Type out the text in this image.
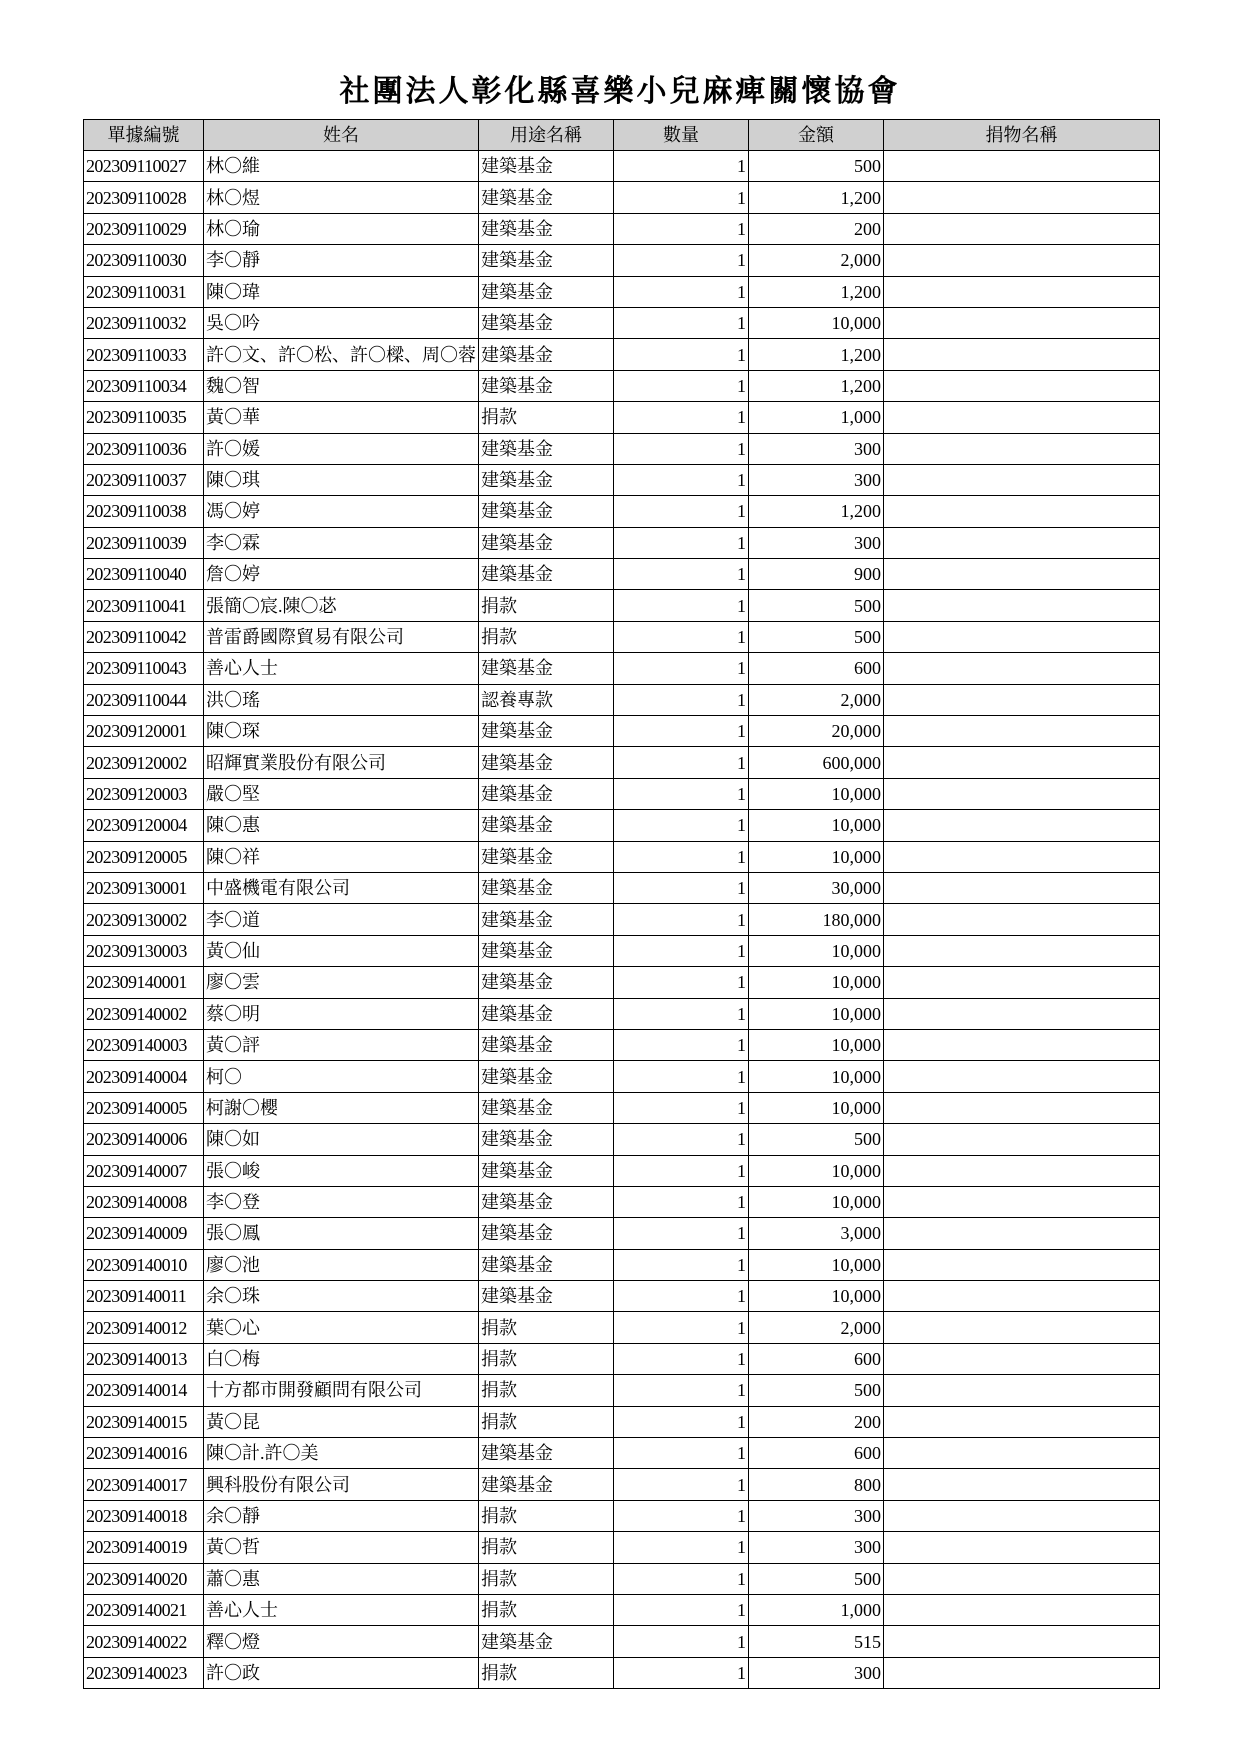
社團法人彰化縣喜樂小兒麻痺關懷協會
單據編號	姓名	用途名稱	數量	金額	捐物名稱
202309110027	林〇維	建築基金	1	500	
202309110028	林〇煜	建築基金	1	1,200	
202309110029	林〇瑜	建築基金	1	200	
202309110030	李〇靜	建築基金	1	2,000	
202309110031	陳〇瑋	建築基金	1	1,200	
202309110032	吳〇吟	建築基金	1	10,000	
202309110033	許〇文、許〇松、許〇樑、周〇蓉	建築基金	1	1,200	
202309110034	魏〇智	建築基金	1	1,200	
202309110035	黃〇華	捐款	1	1,000	
202309110036	許〇媛	建築基金	1	300	
202309110037	陳〇琪	建築基金	1	300	
202309110038	馮〇婷	建築基金	1	1,200	
202309110039	李〇霖	建築基金	1	300	
202309110040	詹〇婷	建築基金	1	900	
202309110041	張簡〇宸.陳〇苾	捐款	1	500	
202309110042	普雷爵國際貿易有限公司	捐款	1	500	
202309110043	善心人士	建築基金	1	600	
202309110044	洪〇瑤	認養專款	1	2,000	
202309120001	陳〇琛	建築基金	1	20,000	
202309120002	昭輝實業股份有限公司	建築基金	1	600,000	
202309120003	嚴〇堅	建築基金	1	10,000	
202309120004	陳〇惠	建築基金	1	10,000	
202309120005	陳〇祥	建築基金	1	10,000	
202309130001	中盛機電有限公司	建築基金	1	30,000	
202309130002	李〇道	建築基金	1	180,000	
202309130003	黃〇仙	建築基金	1	10,000	
202309140001	廖〇雲	建築基金	1	10,000	
202309140002	蔡〇明	建築基金	1	10,000	
202309140003	黃〇評	建築基金	1	10,000	
202309140004	柯〇	建築基金	1	10,000	
202309140005	柯謝〇櫻	建築基金	1	10,000	
202309140006	陳〇如	建築基金	1	500	
202309140007	張〇峻	建築基金	1	10,000	
202309140008	李〇登	建築基金	1	10,000	
202309140009	張〇鳳	建築基金	1	3,000	
202309140010	廖〇池	建築基金	1	10,000	
202309140011	余〇珠	建築基金	1	10,000	
202309140012	葉〇心	捐款	1	2,000	
202309140013	白〇梅	捐款	1	600	
202309140014	十方都市開發顧問有限公司	捐款	1	500	
202309140015	黃〇昆	捐款	1	200	
202309140016	陳〇計.許〇美	建築基金	1	600	
202309140017	興科股份有限公司	建築基金	1	800	
202309140018	余〇靜	捐款	1	300	
202309140019	黃〇哲	捐款	1	300	
202309140020	蕭〇惠	捐款	1	500	
202309140021	善心人士	捐款	1	1,000	
202309140022	釋〇燈	建築基金	1	515	
202309140023	許〇政	捐款	1	300	
